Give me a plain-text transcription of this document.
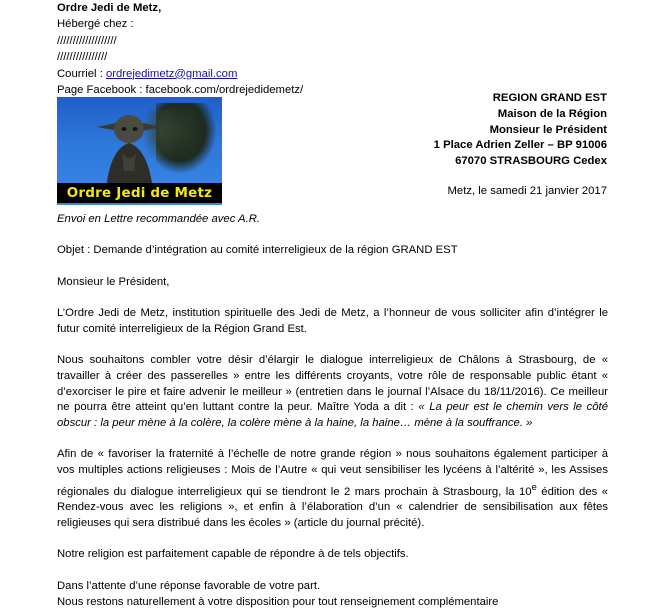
Ordre Jedi de Metz,
Hébergé chez :
///////////////////
////////////////
Courriel : ordrejedimetz@gmail.com
Page Facebook : facebook.com/ordrejedidemetz/
Ordre Jedi de Metz
REGION GRAND EST
Maison de la Région
Monsieur le Président
1 Place Adrien Zeller – BP 91006
67070 STRASBOURG Cedex
Metz, le samedi 21 janvier 2017

Envoi en Lettre recommandée avec A.R.

Objet : Demande d’intégration au comité interreligieux de la région GRAND EST

Monsieur le Président,

L’Ordre Jedi de Metz, institution spirituelle des Jedi de Metz, a l’honneur de vous solliciter afin d’intégrer le futur comité interreligieux de la Région Grand Est.

Nous souhaitons combler votre désir d’élargir le dialogue interreligieux de Châlons à Strasbourg, de « travailler à créer des passerelles » entre les différents croyants, votre rôle de responsable public étant « d’exorciser le pire et faire advenir le meilleur » (entretien dans le journal l’Alsace du 18/11/2016). Ce meilleur ne pourra être atteint qu’en luttant contre la peur. Maître Yoda a dit : « La peur est le chemin vers le côté obscur : la peur mène à la colère, la colère mène à la haine, la haine… mène à la souffrance. »

Afin de « favoriser la fraternité à l’échelle de notre grande région » nous souhaitons également participer à vos multiples actions religieuses : Mois de l’Autre « qui veut sensibiliser les lycéens à l’altérité », les Assises régionales du dialogue interreligieux qui se tiendront le 2 mars prochain à Strasbourg, la 10e édition des « Rendez-vous avec les religions », et enfin à l’élaboration d’un « calendrier de sensibilisation aux fêtes religieuses qui sera distribué dans les écoles » (article du journal précité).

Notre religion est parfaitement capable de répondre à de tels objectifs.

Dans l’attente d’une réponse favorable de votre part.

Nous restons naturellement à votre disposition pour tout renseignement complémentaire
